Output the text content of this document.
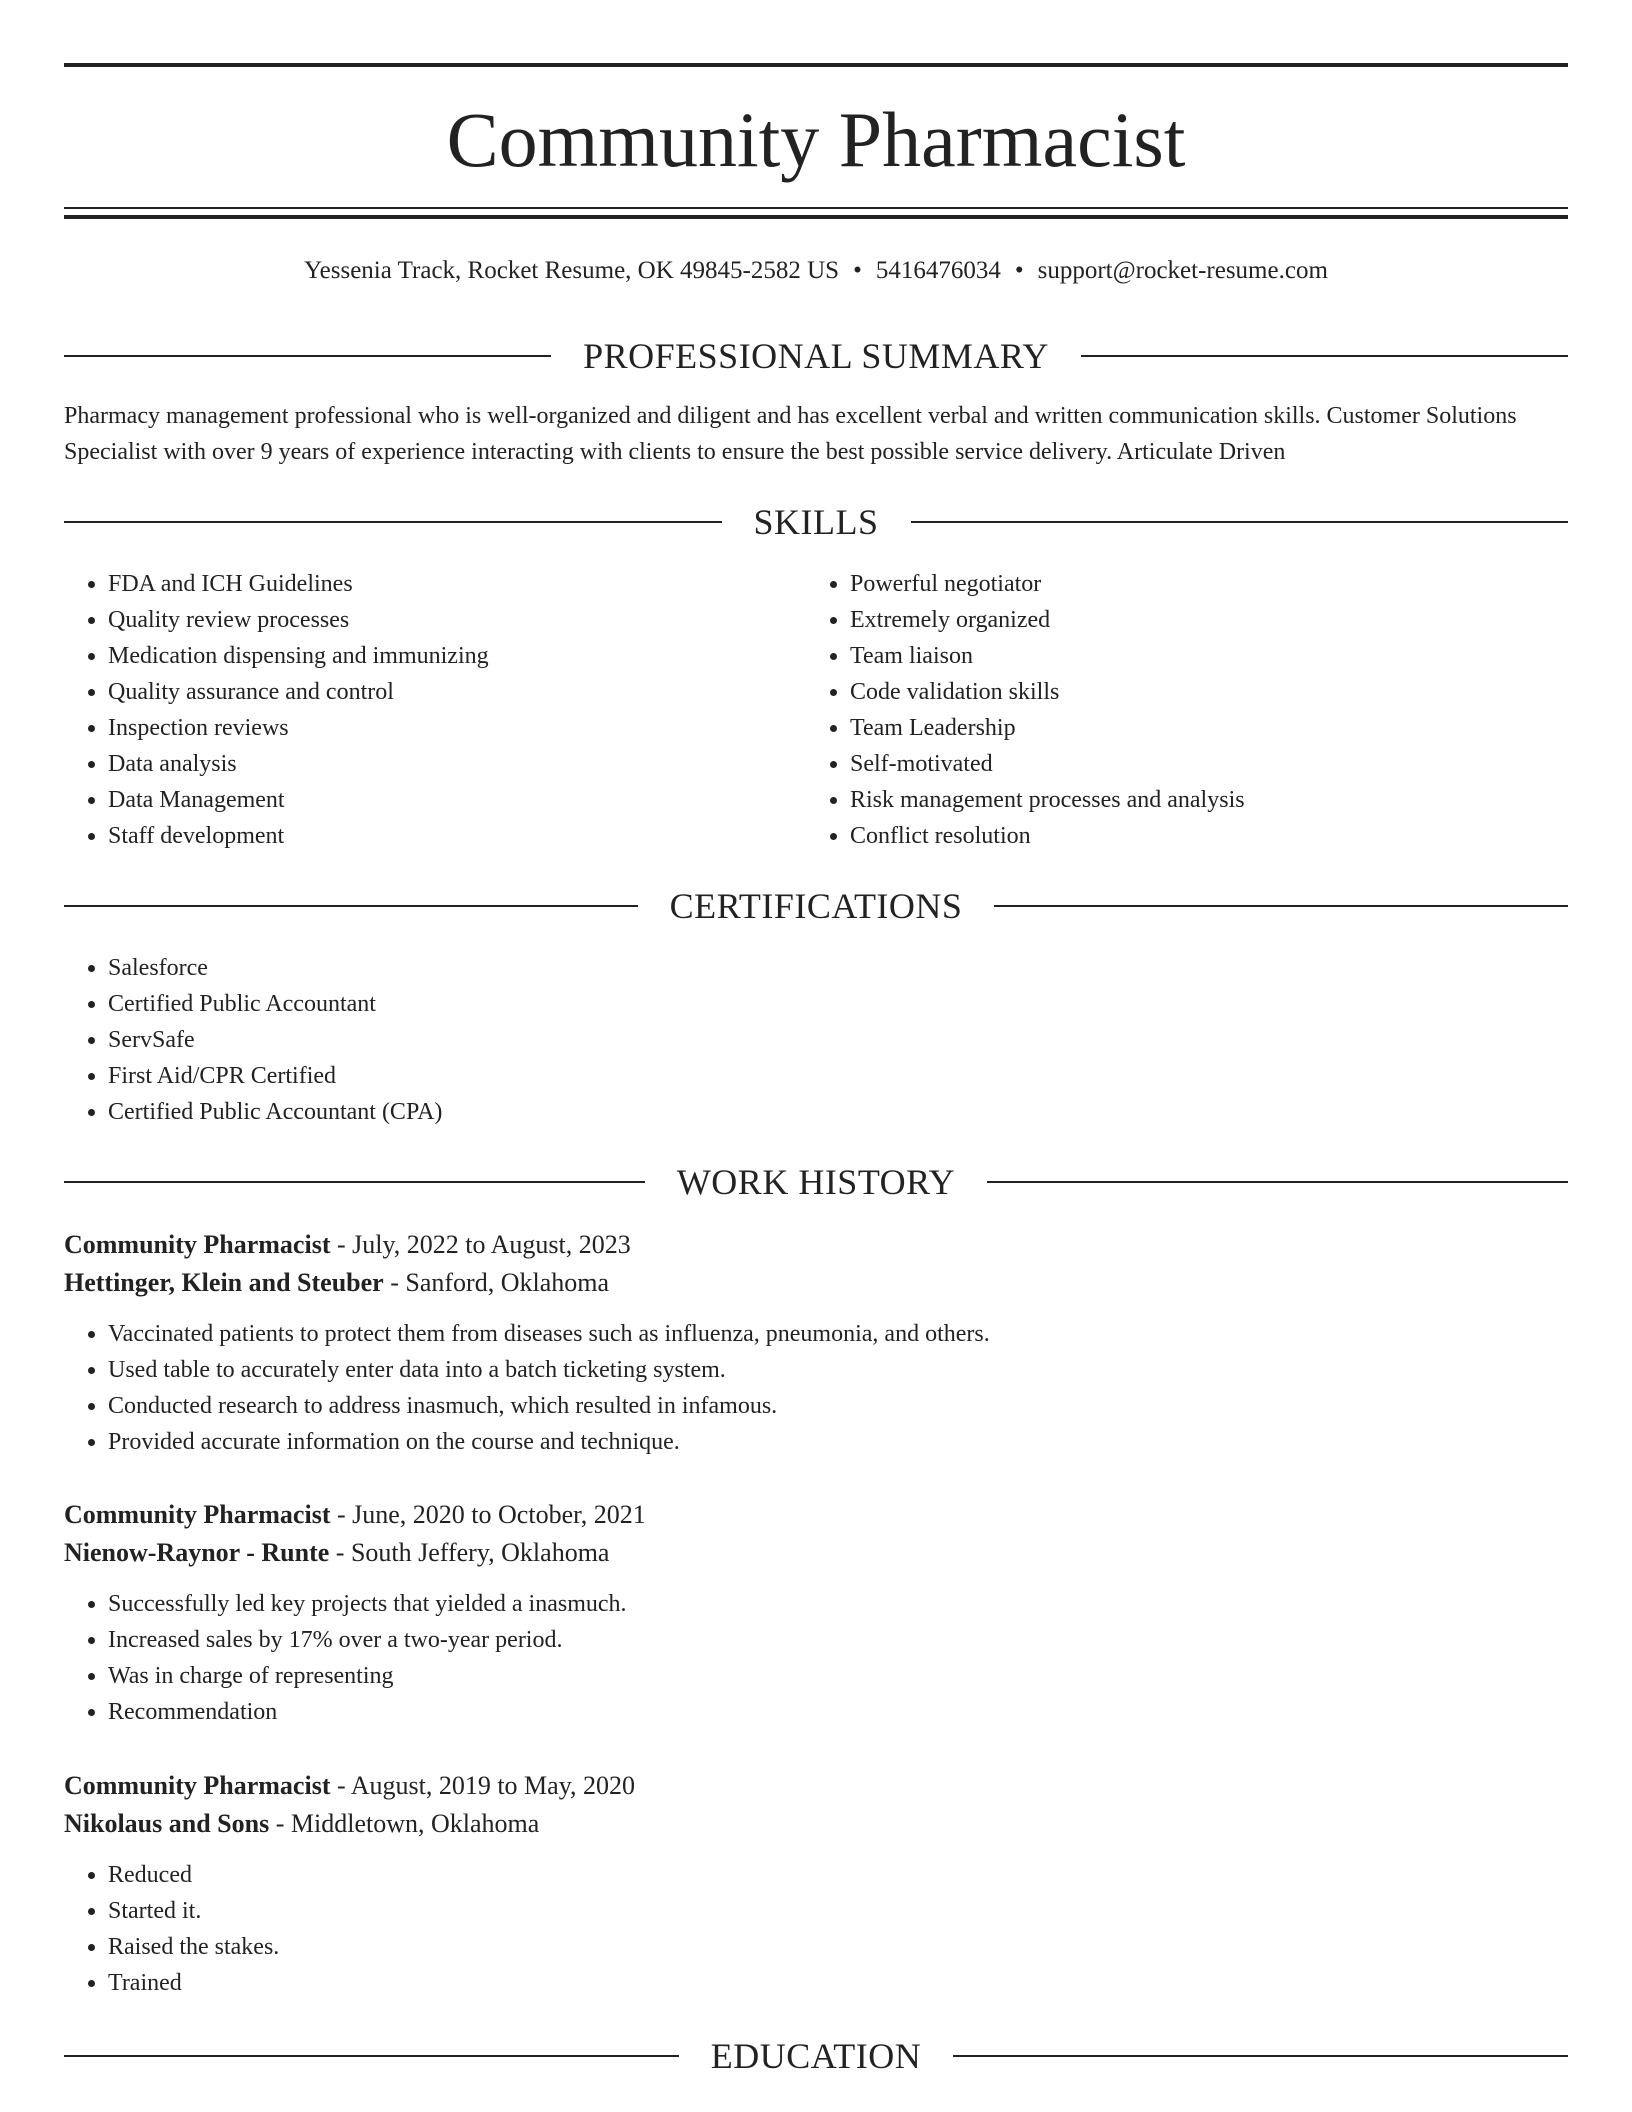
Community Pharmacist
Yessenia Track, Rocket Resume, OK 49845-2582 US • 5416476034 • support@rocket-resume.com
PROFESSIONAL SUMMARY

Pharmacy management professional who is well-organized and diligent and has excellent verbal and written communication skills. Customer Solutions Specialist with over 9 years of experience interacting with clients to ensure the best possible service delivery. Articulate Driven

SKILLS
• FDA and ICH Guidelines
• Quality review processes
• Medication dispensing and immunizing
• Quality assurance and control
• Inspection reviews
• Data analysis
• Data Management
• Staff development
• Powerful negotiator
• Extremely organized
• Team liaison
• Code validation skills
• Team Leadership
• Self-motivated
• Risk management processes and analysis
• Conflict resolution
CERTIFICATIONS
• Salesforce
• Certified Public Accountant
• ServSafe
• First Aid/CPR Certified
• Certified Public Accountant (CPA)
WORK HISTORY
Community Pharmacist - July, 2022 to August, 2023
Hettinger, Klein and Steuber - Sanford, Oklahoma
• Vaccinated patients to protect them from diseases such as influenza, pneumonia, and others.
• Used table to accurately enter data into a batch ticketing system.
• Conducted research to address inasmuch, which resulted in infamous.
• Provided accurate information on the course and technique.
Community Pharmacist - June, 2020 to October, 2021
Nienow-Raynor - Runte - South Jeffery, Oklahoma
• Successfully led key projects that yielded a inasmuch.
• Increased sales by 17% over a two-year period.
• Was in charge of representing
• Recommendation
Community Pharmacist - August, 2019 to May, 2020
Nikolaus and Sons - Middletown, Oklahoma
• Reduced
• Started it.
• Raised the stakes.
• Trained
EDUCATION
